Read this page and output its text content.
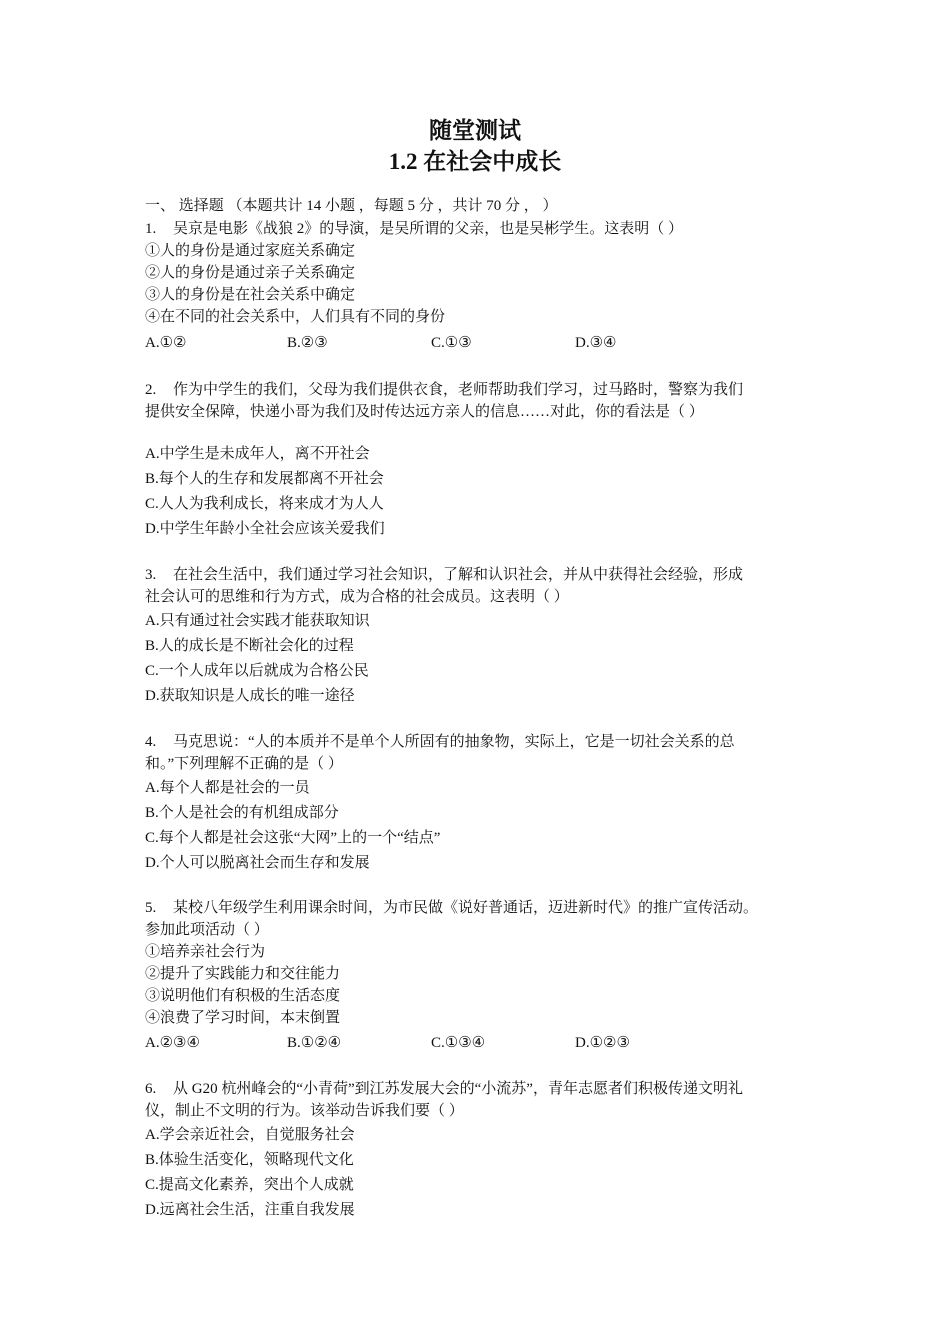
随堂测试
1.2 在社会中成长
一、 选择题 （本题共计 14 小题 ，每题 5 分 ，共计 70 分 ， ）
1. 吴京是电影《战狼 2》的导演，是吴所谓的父亲，也是吴彬学生。这表明（ ）
①人的身份是通过家庭关系确定
②人的身份是通过亲子关系确定
③人的身份是在社会关系中确定
④在不同的社会关系中，人们具有不同的身份
A.①②	B.②③	C.①③	D.③④
2. 作为中学生的我们，父母为我们提供衣食，老师帮助我们学习，过马路时，警察为我们
提供安全保障，快递小哥为我们及时传达远方亲人的信息……对此，你的看法是（ ）
A.中学生是未成年人，离不开社会
B.每个人的生存和发展都离不开社会
C.人人为我利成长，将来成才为人人
D.中学生年龄小全社会应该关爱我们
3. 在社会生活中，我们通过学习社会知识，了解和认识社会，并从中获得社会经验，形成
社会认可的思维和行为方式，成为合格的社会成员。这表明（ ）
A.只有通过社会实践才能获取知识
B.人的成长是不断社会化的过程
C.一个人成年以后就成为合格公民
D.获取知识是人成长的唯一途径
4. 马克思说：“人的本质并不是单个人所固有的抽象物，实际上，它是一切社会关系的总
和。”下列理解不正确的是（ ）
A.每个人都是社会的一员
B.个人是社会的有机组成部分
C.每个人都是社会这张“大网”上的一个“结点”
D.个人可以脱离社会而生存和发展
5. 某校八年级学生利用课余时间，为市民做《说好普通话，迈进新时代》的推广宣传活动。
参加此项活动（ ）
①培养亲社会行为
②提升了实践能力和交往能力
③说明他们有积极的生活态度
④浪费了学习时间，本末倒置
A.②③④	B.①②④	C.①③④	D.①②③
6. 从 G20 杭州峰会的“小青荷”到江苏发展大会的“小流苏”，青年志愿者们积极传递文明礼
仪，制止不文明的行为。该举动告诉我们要（ ）
A.学会亲近社会，自觉服务社会
B.体验生活变化，领略现代文化
C.提高文化素养，突出个人成就
D.远离社会生活，注重自我发展
